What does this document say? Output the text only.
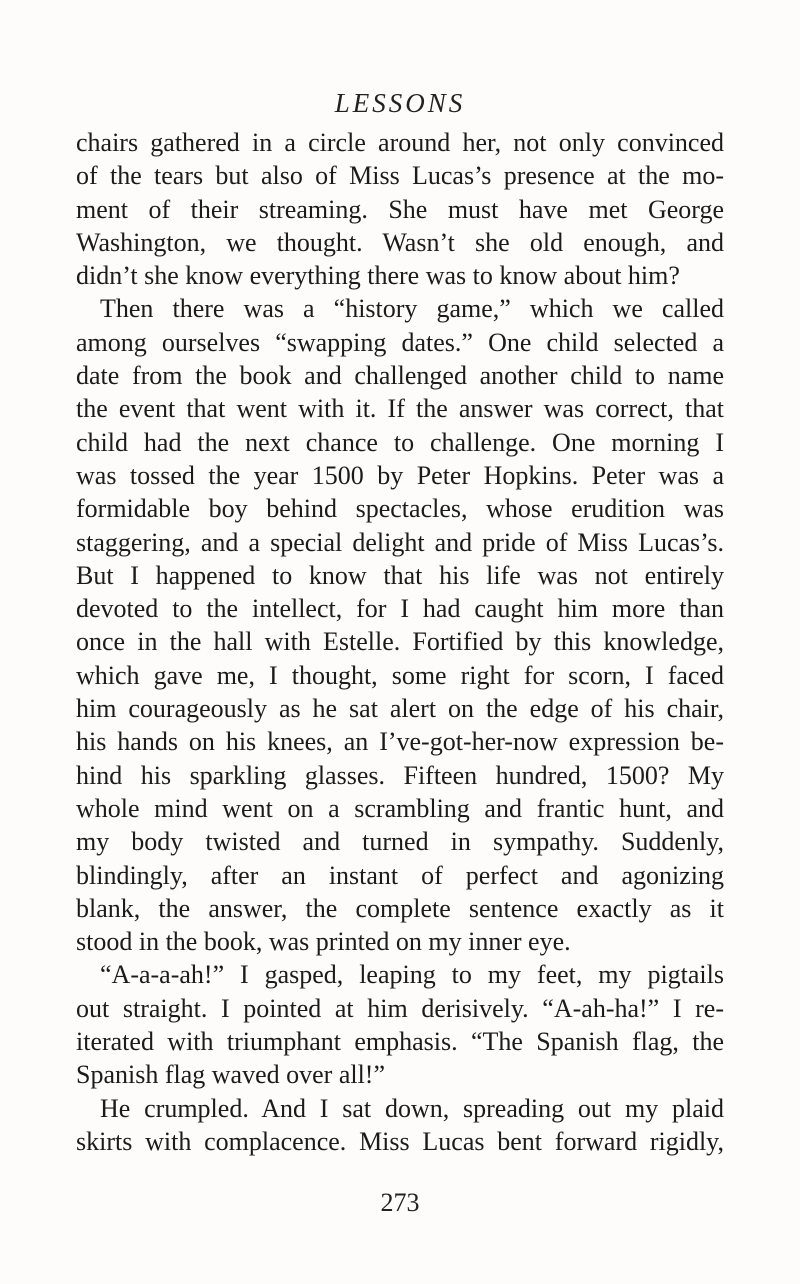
LESSONS
chairs gathered in a circle around her, not only convinced
of the tears but also of Miss Lucas’s presence at the mo-
ment of their streaming. She must have met George
Washington, we thought. Wasn’t she old enough, and
didn’t she know everything there was to know about him?
Then there was a “history game,” which we called
among ourselves “swapping dates.” One child selected a
date from the book and challenged another child to name
the event that went with it. If the answer was correct, that
child had the next chance to challenge. One morning I
was tossed the year 1500 by Peter Hopkins. Peter was a
formidable boy behind spectacles, whose erudition was
staggering, and a special delight and pride of Miss Lucas’s.
But I happened to know that his life was not entirely
devoted to the intellect, for I had caught him more than
once in the hall with Estelle. Fortified by this knowledge,
which gave me, I thought, some right for scorn, I faced
him courageously as he sat alert on the edge of his chair,
his hands on his knees, an I’ve-got-her-now expression be-
hind his sparkling glasses. Fifteen hundred, 1500? My
whole mind went on a scrambling and frantic hunt, and
my body twisted and turned in sympathy. Suddenly,
blindingly, after an instant of perfect and agonizing
blank, the answer, the complete sentence exactly as it
stood in the book, was printed on my inner eye.
“A-a-a-ah!” I gasped, leaping to my feet, my pigtails
out straight. I pointed at him derisively. “A-ah-ha!” I re-
iterated with triumphant emphasis. “The Spanish flag, the
Spanish flag waved over all!”
He crumpled. And I sat down, spreading out my plaid
skirts with complacence. Miss Lucas bent forward rigidly,
273
